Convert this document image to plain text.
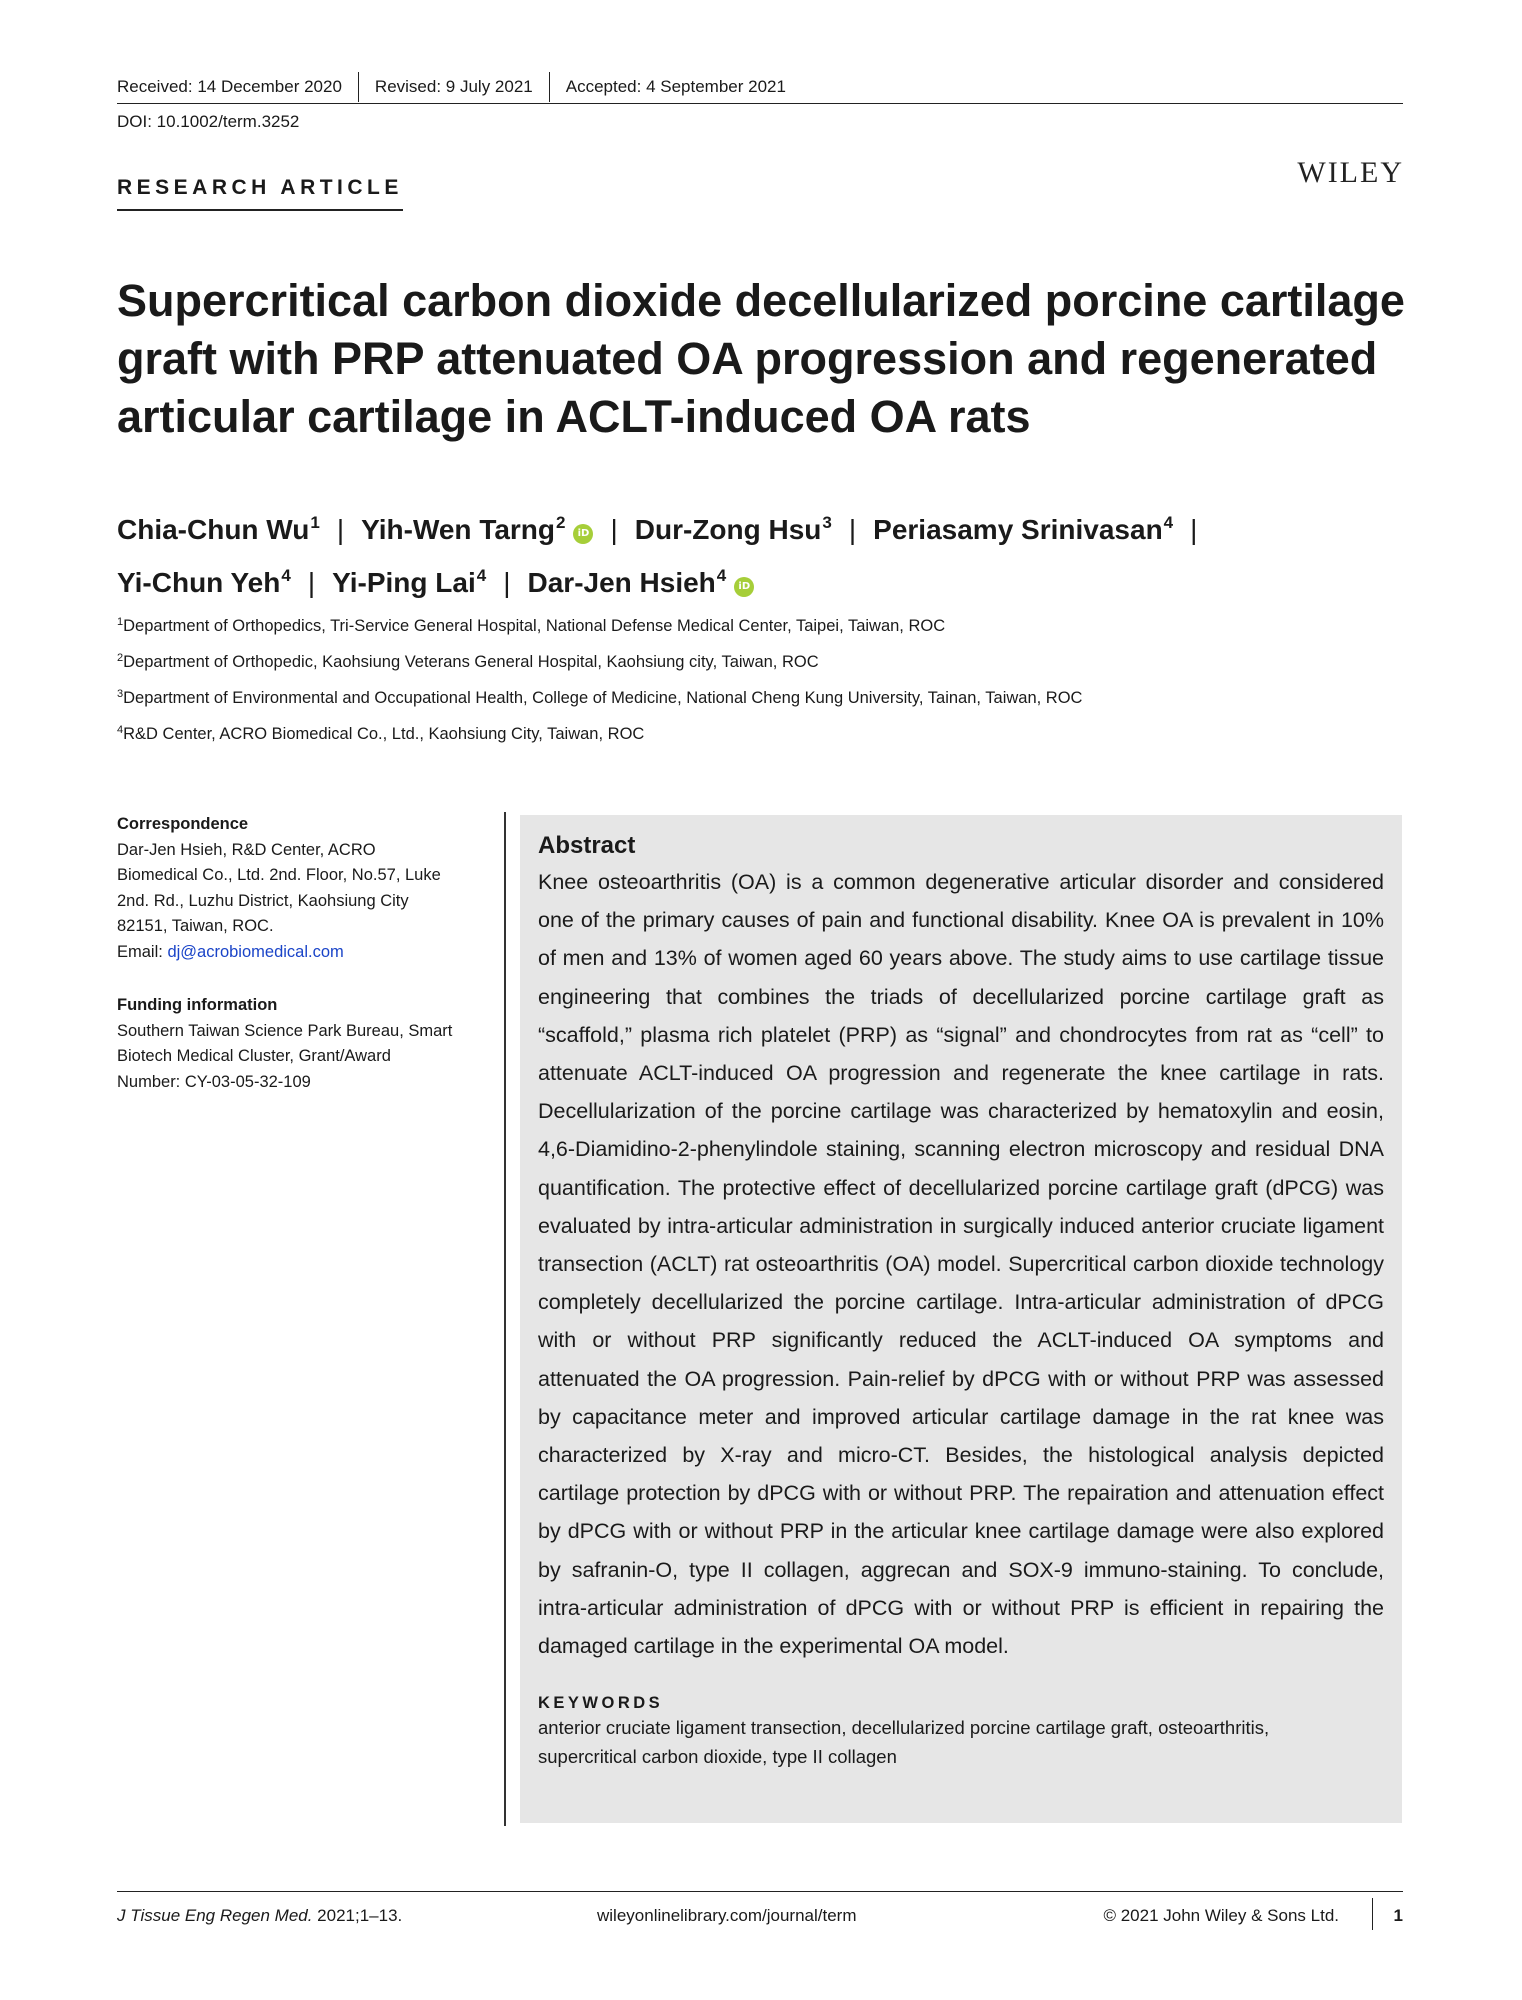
Received: 14 December 2020	Revised: 9 July 2021	Accepted: 4 September 2021
DOI: 10.1002/term.3252
RESEARCH ARTICLE	WILEY
Supercritical carbon dioxide decellularized porcine cartilage graft with PRP attenuated OA progression and regenerated articular cartilage in ACLT-induced OA rats
Chia-Chun Wu$^1$ | Yih-Wen Tarng$^2$iD | Dur-Zong Hsu$^3$ | Periasamy Srinivasan$^4$ |
Yi-Chun Yeh$^4$ | Yi-Ping Lai$^4$ | Dar-Jen Hsieh$^4$iD
$^1$Department of Orthopedics, Tri-Service General Hospital, National Defense Medical Center, Taipei, Taiwan, ROC
$^2$Department of Orthopedic, Kaohsiung Veterans General Hospital, Kaohsiung city, Taiwan, ROC
$^3$Department of Environmental and Occupational Health, College of Medicine, National Cheng Kung University, Tainan, Taiwan, ROC
$^4$R&D Center, ACRO Biomedical Co., Ltd., Kaohsiung City, Taiwan, ROC
Correspondence
Dar-Jen Hsieh, R&D Center, ACRO
Biomedical Co., Ltd. 2nd. Floor, No.57, Luke
2nd. Rd., Luzhu District, Kaohsiung City
82151, Taiwan, ROC.
Email: dj@acrobiomedical.com
Funding information
Southern Taiwan Science Park Bureau, Smart
Biotech Medical Cluster, Grant/Award
Number: CY-03-05-32-109
Abstract

Knee osteoarthritis (OA) is a common degenerative articular disorder and considered one of the primary causes of pain and functional disability. Knee OA is prevalent in 10% of men and 13% of women aged 60 years above. The study aims to use cartilage tissue engineering that combines the triads of decellularized porcine cartilage graft as “scaffold,” plasma rich platelet (PRP) as “signal” and chondrocytes from rat as “cell” to attenuate ACLT-induced OA progression and regenerate the knee cartilage in rats. Decellularization of the porcine cartilage was characterized by hematoxylin and eosin, 4,6-Diamidino-2-phenylindole staining, scanning electron microscopy and residual DNA quantification. The protective effect of decellularized porcine cartilage graft (dPCG) was evaluated by intra-articular administration in surgically induced anterior cruciate ligament transection (ACLT) rat osteoarthritis (OA) model. Supercritical carbon dioxide technology completely decellularized the porcine cartilage. Intra-articular administration of dPCG with or without PRP significantly reduced the ACLT-induced OA symptoms and attenuated the OA progression. Pain-relief by dPCG with or without PRP was assessed by capacitance meter and improved articular cartilage damage in the rat knee was characterized by X-ray and micro-CT. Besides, the histological analysis depicted cartilage protection by dPCG with or without PRP. The repairation and attenuation effect by dPCG with or without PRP in the articular knee cartilage damage were also explored by safranin-O, type II collagen, aggrecan and SOX-9 immuno-staining. To conclude, intra-articular administration of dPCG with or without PRP is efficient in repairing the damaged cartilage in the experimental OA model.

KEYWORDS
anterior cruciate ligament transection, decellularized porcine cartilage graft, osteoarthritis,
supercritical carbon dioxide, type II collagen
J Tissue Eng Regen Med. 2021;1–13.	wileyonlinelibrary.com/journal/term	© 2021 John Wiley & Sons Ltd.	1
